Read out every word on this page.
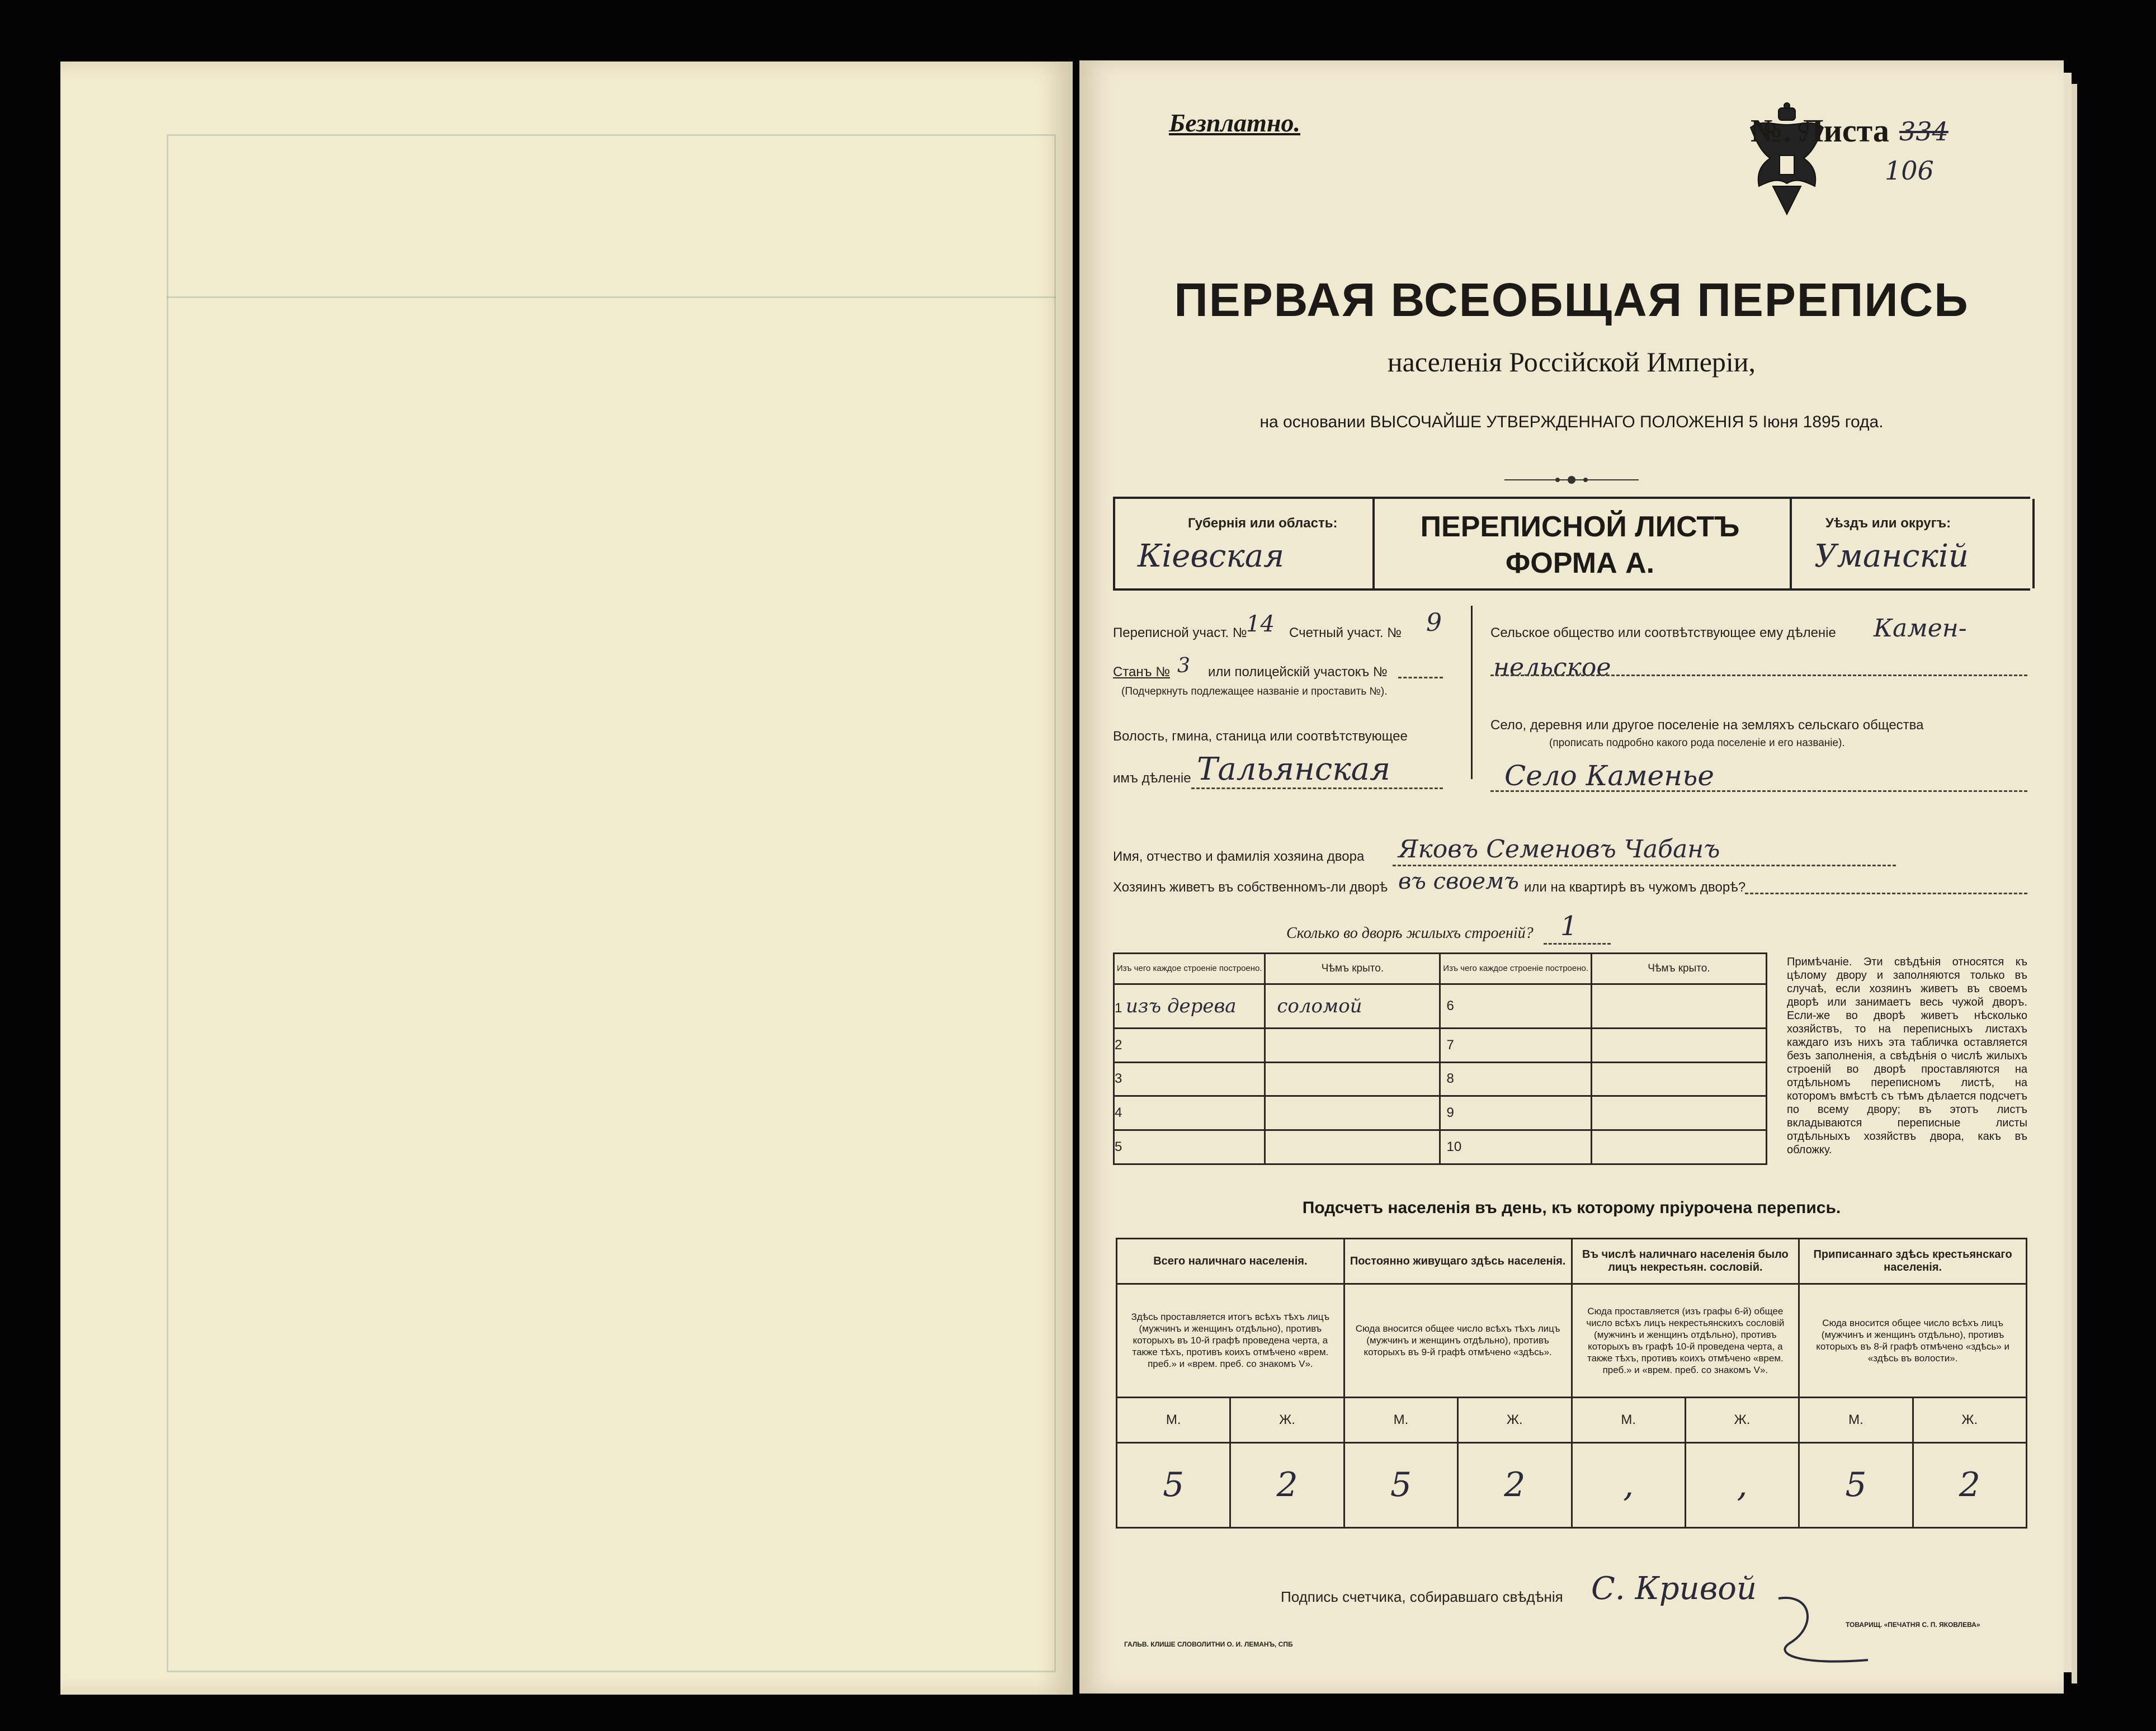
Безплатно.	№. Листа 334
106
ПЕРВАЯ ВСЕОБЩАЯ ПЕРЕПИСЬ
населенія Россійской Имперіи,
на основании ВЫСОЧАЙШЕ УТВЕРЖДЕННАГО ПОЛОЖЕНІЯ 5 Іюня 1895 года.
Губернія или область:
Кіевская
ПЕРЕПИСНОЙ ЛИСТЪ
ФОРМА А.
Уѣздъ или округъ:
Уманскій
Переписной участ. №
14 Счетный участ. № 9
Станъ № 3 или полицейскій участокъ №
(Подчеркнуть подлежащее названіе и проставить №).
Волость, гмина, станица или соотвѣтствующее
имъ дѣленіе Тальянская
Сельское общество или соотвѣтствующее ему дѣленіе Камен-
нельское
Село, деревня или другое поселеніе на земляхъ сельскаго общества
(прописать подробно какого рода поселеніе и его названіе).
Село Каменье
Имя, отчество и фамилія хозяина двора Яковъ Семеновъ Чабанъ
Хозяинъ живетъ въ собственномъ-ли дворѣ въ своемъ или на квартирѣ въ чужомъ дворѣ?
Сколько во дворѣ жилыхъ строеній? 1
Изъ чего каждое строеніе построено.	Чѣмъ крыто.	Изъ чего каждое строеніе построено.	Чѣмъ крыто.
1 изъ дерева	соломой	6	
2		7	
3		8	
4		9	
5		10	
Примѣчаніе. Эти свѣдѣнія относятся къ цѣлому двору и заполняются только въ случаѣ, если хозяинъ живетъ въ своемъ дворѣ или занимаетъ весь чужой дворъ. Если-же во дворѣ живетъ нѣсколько хозяйствъ, то на переписныхъ листахъ каждаго изъ нихъ эта табличка оставляется безъ заполненія, а свѣдѣнія о числѣ жилыхъ строеній во дворѣ проставляются на отдѣльномъ переписномъ листѣ, на которомъ вмѣстѣ съ тѣмъ дѣлается подсчетъ по всему двору; въ этотъ листъ вкладываются переписные листы отдѣльныхъ хозяйствъ двора, какъ въ обложку.
Подсчетъ населенія въ день, къ которому пріурочена перепись.
Всего наличнаго населенія.		Постоянно живущаго здѣсь населенія.		Въ числѣ наличнаго населенія было лицъ некрестьян. сословій.		Приписаннаго здѣсь крестьянскаго населенія.	
Здѣсь проставляется итогъ всѣхъ тѣхъ лицъ (мужчинъ и женщинъ отдѣльно), противъ которыхъ въ 10-й графѣ проведена черта, а также тѣхъ, противъ коихъ отмѣчено «врем. преб.» и «врем. преб. со знакомъ V».		Сюда вносится общее число всѣхъ тѣхъ лицъ (мужчинъ и женщинъ отдѣльно), противъ которыхъ въ 9-й графѣ отмѣчено «здѣсь».		Сюда проставляется (изъ графы 6-й) общее число всѣхъ лицъ некрестьянскихъ сословій (мужчинъ и женщинъ отдѣльно), противъ которыхъ въ графѣ 10-й проведена черта, а также тѣхъ, противъ коихъ отмѣчено «врем. преб.» и «врем. преб. со знакомъ V».		Сюда вносится общее число всѣхъ лицъ (мужчинъ и женщинъ отдѣльно), противъ которыхъ въ 8-й графѣ отмѣчено «здѣсь» и «здѣсь въ волости».	
М.	Ж.	М.	Ж.	М.	Ж.	М.	Ж.
5	2	5	2	,	,	5	2
Подпись счетчика, собиравшаго свѣдѣнія С. Кривой
ГАЛЬВ. КЛИШЕ СЛОВОЛИТНИ О. И. ЛЕМАНЪ, СПБ
ТОВАРИЩ. «ПЕЧАТНЯ С. П. ЯКОВЛЕВА»
